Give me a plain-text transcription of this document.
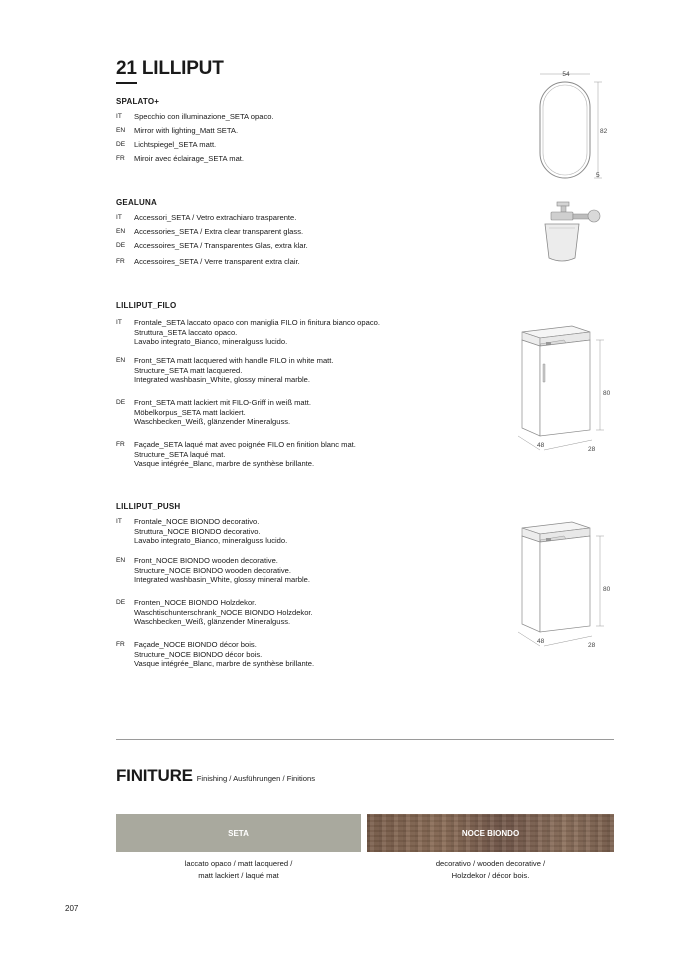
21 LILLIPUT
SPALATO+
IT	Specchio con illuminazione_SETA opaco.
EN	Mirror with lighting_Matt SETA.
DE	Lichtspiegel_SETA matt.
FR	Miroir avec éclairage_SETA mat.
54
82
5
GEALUNA
IT	Accessori_SETA / Vetro extrachiaro trasparente.
EN	Accessories_SETA / Extra clear transparent glass.
DE	Accessoires_SETA / Transparentes Glas, extra klar.
FR	Accessoires_SETA / Verre transparent extra clair.
LILLIPUT_FILO
IT	Frontale_SETA laccato opaco con maniglia FILO in finitura bianco opaco.
Struttura_SETA laccato opaco.
Lavabo integrato_Bianco, mineralguss lucido.
EN	Front_SETA matt lacquered with handle FILO in white matt.
Structure_SETA matt lacquered.
Integrated washbasin_White, glossy mineral marble.
DE	Front_SETA matt lackiert mit FILO-Griff in weiß matt.
Möbelkorpus_SETA matt lackiert.
Waschbecken_Weiß, glänzender Mineralguss.
FR	Façade_SETA laqué mat avec poignée FILO en finition blanc mat.
Structure_SETA laqué mat.
Vasque intégrée_Blanc, marbre de synthèse brillante.
80
48
28
LILLIPUT_PUSH
IT	Frontale_NOCE BIONDO decorativo.
Struttura_NOCE BIONDO decorativo.
Lavabo integrato_Bianco, mineralguss lucido.
EN	Front_NOCE BIONDO wooden decorative.
Structure_NOCE BIONDO wooden decorative.
Integrated washbasin_White, glossy mineral marble.
DE	Fronten_NOCE BIONDO Holzdekor.
Waschtischunterschrank_NOCE BIONDO Holzdekor.
Waschbecken_Weiß, glänzender Mineralguss.
FR	Façade_NOCE BIONDO décor bois.
Structure_NOCE BIONDO décor bois.
Vasque intégrée_Blanc, marbre de synthèse brillante.
80
48
28
FINITURE Finishing / Ausführungen / Finitions
SETA	NOCE BIONDO
laccato opaco / matt lacquered /
matt lackiert / laqué mat
decorativo / wooden decorative /
Holzdekor / décor bois.
207
